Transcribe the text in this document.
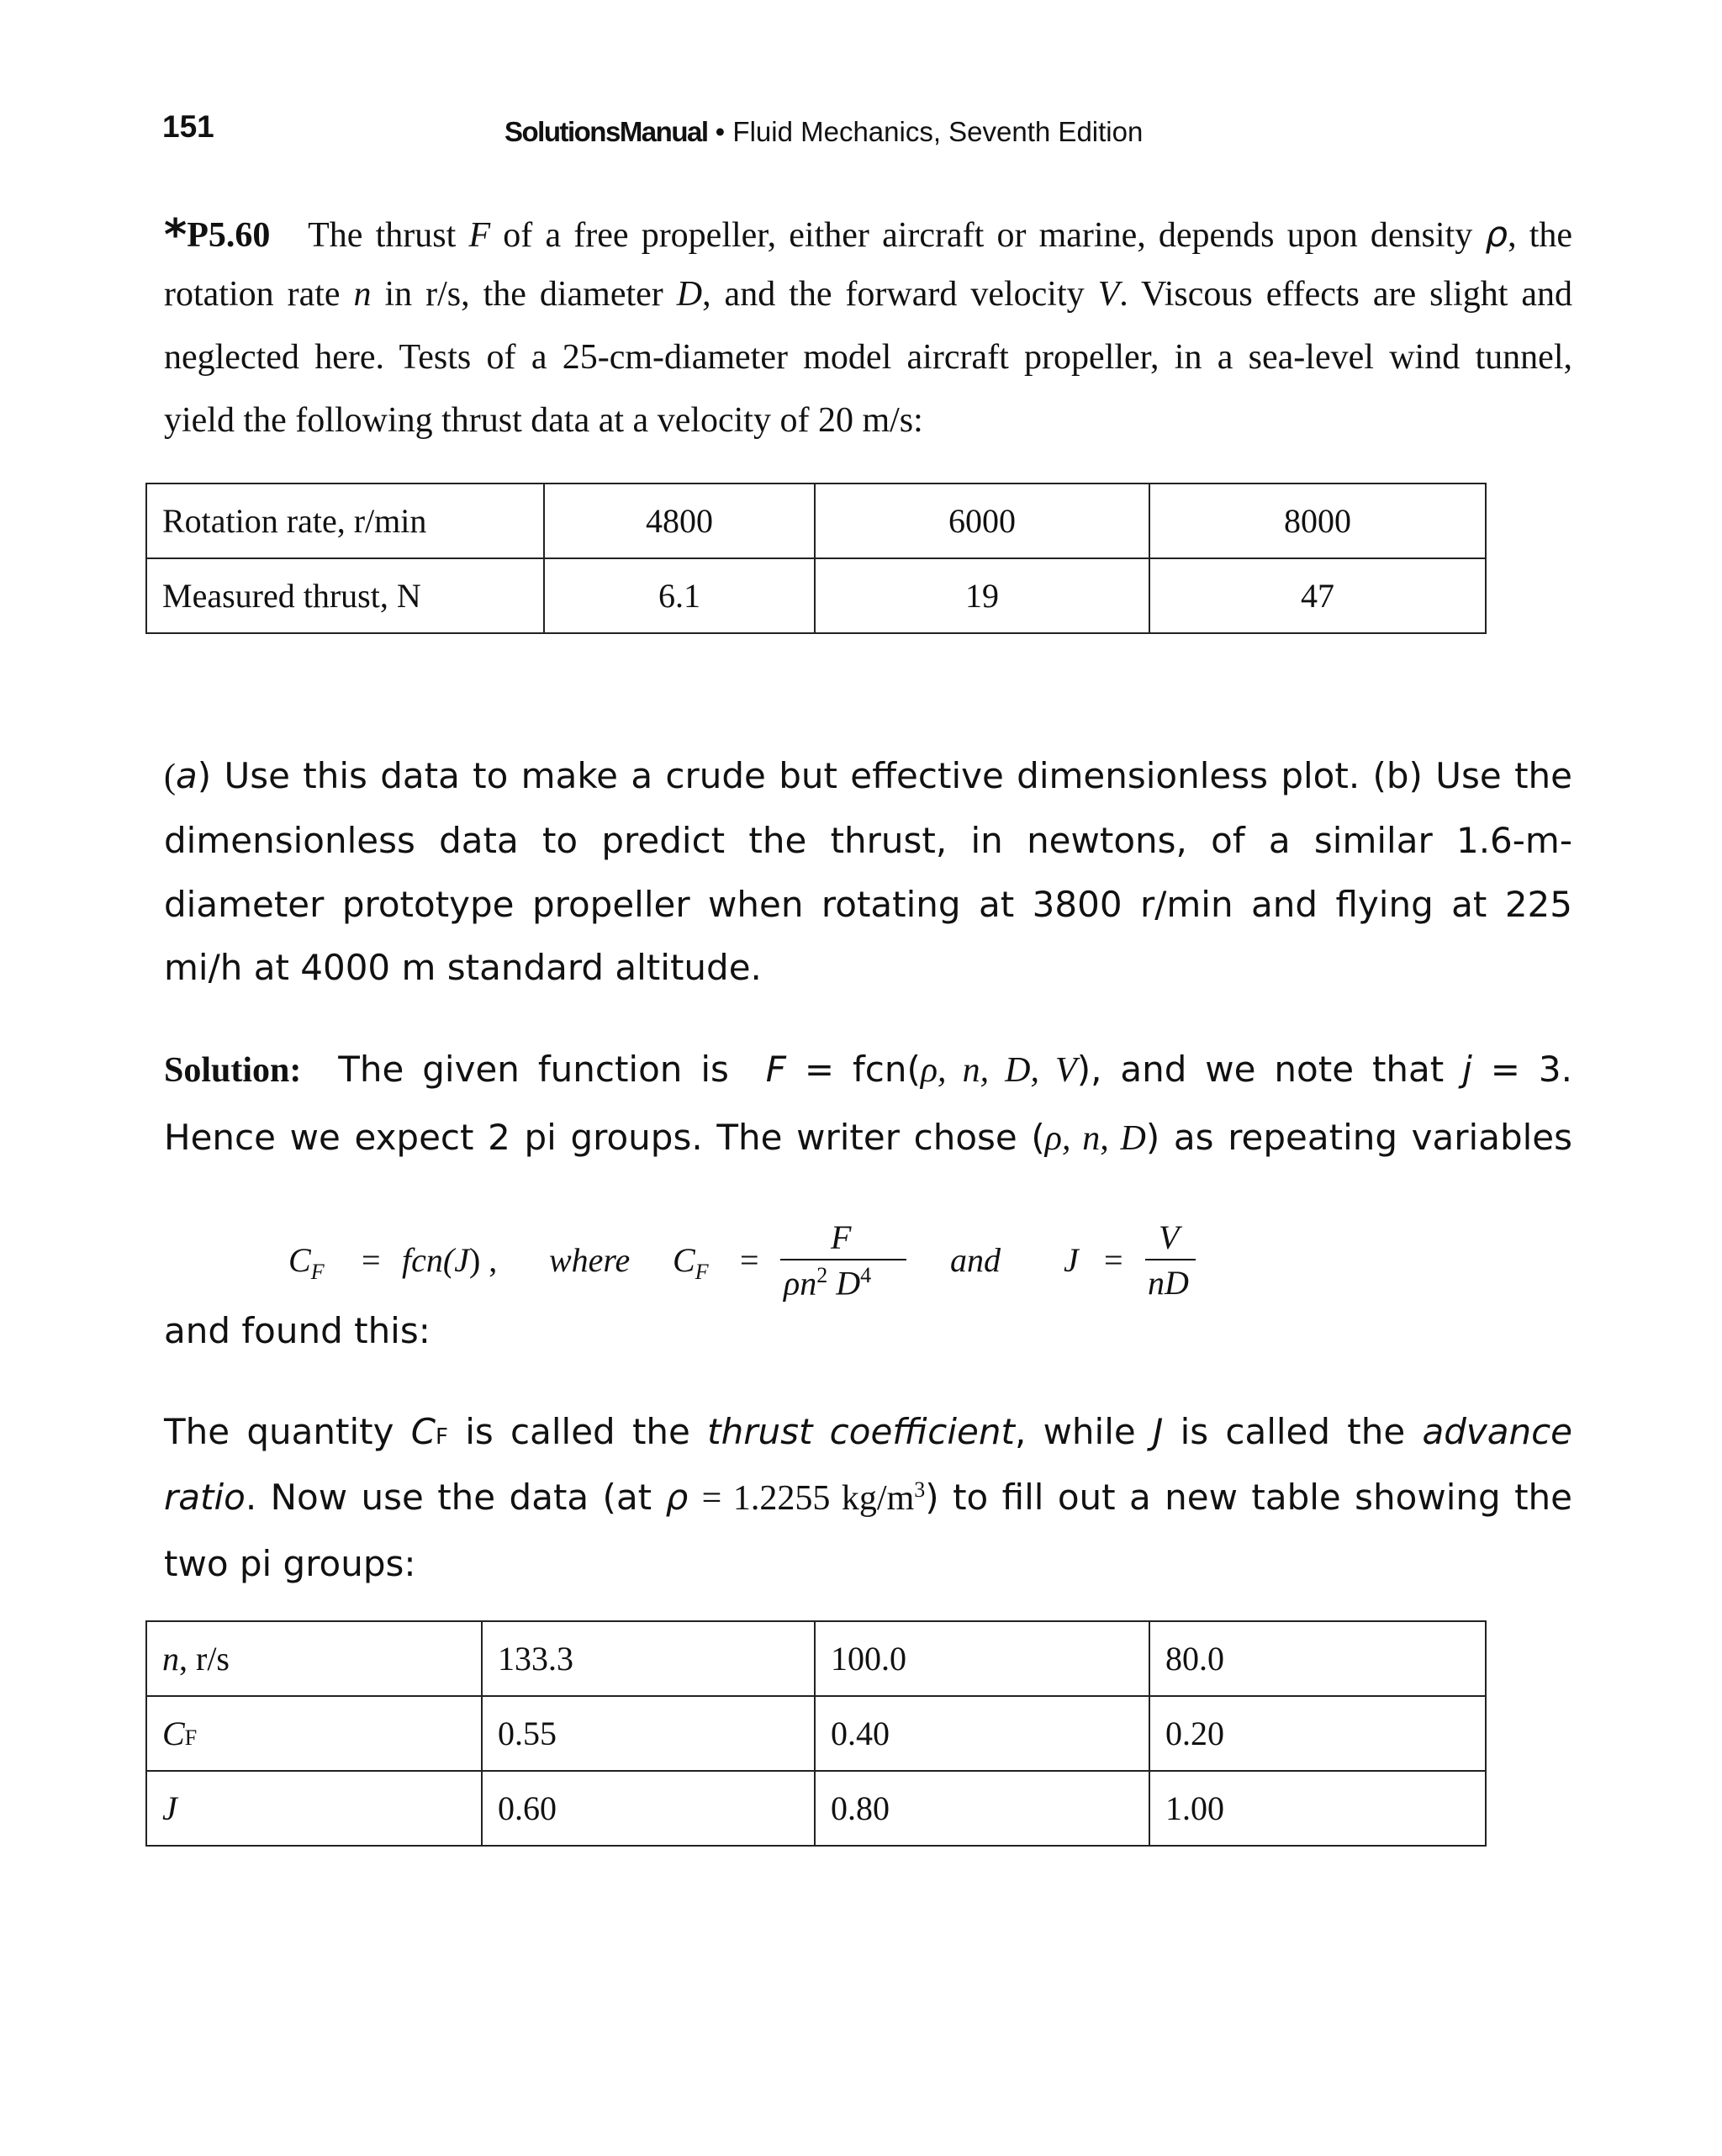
151	SolutionsManual • Fluid Mechanics, Seventh Edition
*P5.60 The thrust F of a free propeller, either aircraft or marine, depends upon density ρ, the
rotation rate n in r/s, the diameter D, and the forward velocity V. Viscous effects are slight and
neglected here. Tests of a 25-cm-diameter model aircraft propeller, in a sea-level wind tunnel,
yield the following thrust data at a velocity of 20 m/s:
Rotation rate, r/min	4800	6000	8000
Measured thrust, N	6.1	19	47
(a) Use this data to make a crude but effective dimensionless plot. (b) Use the
dimensionless data to predict the thrust, in newtons, of a similar 1.6-m-
diameter prototype propeller when rotating at 3800 r/min and flying at 225
mi/h at 4000 m standard altitude.
Solution: The given function is F = fcn(ρ, n, D, V), and we note that j = 3.
Hence we expect 2 pi groups. The writer chose (ρ, n, D) as repeating variables
$C_F = fcn(J)$ , where $C_F$ =
F
$\rho n^2$ $D^4$ and J =
V
nD
and found this:
The quantity CF is called the thrust coefficient, while J is called the advance
ratio. Now use the data (at ρ = 1.2255 $kg/m^3$) to fill out a new table showing the
two pi groups:
n, r/s	133.3	100.0	80.0
CF	0.55	0.40	0.20
J	0.60	0.80	1.00
